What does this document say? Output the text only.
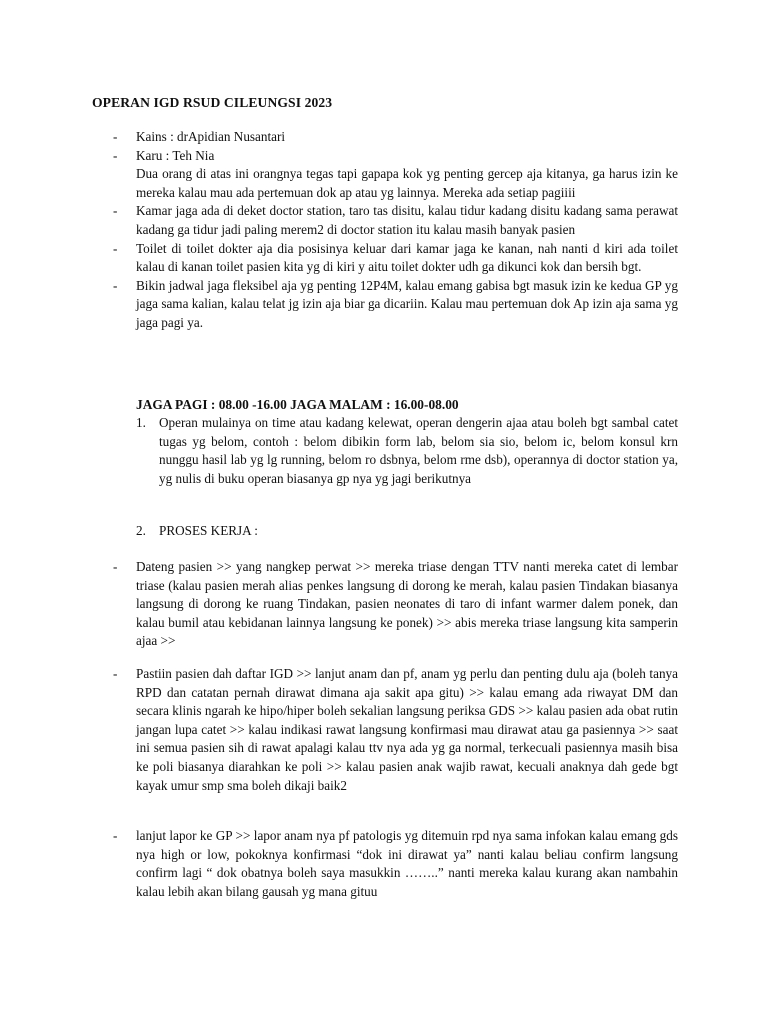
OPERAN IGD RSUD CILEUNGSI 2023
- Kains : drApidian Nusantari
- Karu : Teh Nia
Dua orang di atas ini orangnya tegas tapi gapapa kok yg penting gercep aja kitanya, ga harus izin ke mereka kalau mau ada pertemuan dok ap atau yg lainnya. Mereka ada setiap pagiiii
- Kamar jaga ada di deket doctor station, taro tas disitu, kalau tidur kadang disitu kadang sama perawat kadang ga tidur jadi paling merem2 di doctor station itu kalau masih banyak pasien
- Toilet di toilet dokter aja dia posisinya keluar dari kamar jaga ke kanan, nah nanti d kiri ada toilet kalau di kanan toilet pasien kita yg di kiri y aitu toilet dokter udh ga dikunci kok dan bersih bgt.
- Bikin jadwal jaga fleksibel aja yg penting 12P4M, kalau emang gabisa bgt masuk izin ke kedua GP yg jaga sama kalian, kalau telat jg izin aja biar ga dicariin. Kalau mau pertemuan dok Ap izin aja sama yg jaga pagi ya.
JAGA PAGI : 08.00 -16.00 JAGA MALAM : 16.00-08.00
1. Operan mulainya on time atau kadang kelewat, operan dengerin ajaa atau boleh bgt sambal catet tugas yg belom, contoh : belom dibikin form lab, belom sia sio, belom ic, belom konsul krn nunggu hasil lab yg lg running, belom ro dsbnya, belom rme dsb), operannya di doctor station ya, yg nulis di buku operan biasanya gp nya yg jagi berikutnya
2. PROSES KERJA :
- Dateng pasien >> yang nangkep perwat >> mereka triase dengan TTV nanti mereka catet di lembar triase (kalau pasien merah alias penkes langsung di dorong ke merah, kalau pasien Tindakan biasanya langsung di dorong ke ruang Tindakan, pasien neonates di taro di infant warmer dalem ponek, dan kalau bumil atau kebidanan lainnya langsung ke ponek) >> abis mereka triase langsung kita samperin ajaa >>
- Pastiin pasien dah daftar IGD >> lanjut anam dan pf, anam yg perlu dan penting dulu aja (boleh tanya RPD dan catatan pernah dirawat dimana aja sakit apa gitu) >> kalau emang ada riwayat DM dan secara klinis ngarah ke hipo/hiper boleh sekalian langsung periksa GDS >> kalau pasien ada obat rutin jangan lupa catet >> kalau indikasi rawat langsung konfirmasi mau dirawat atau ga pasiennya >> saat ini semua pasien sih di rawat apalagi kalau ttv nya ada yg ga normal, terkecuali pasiennya masih bisa ke poli biasanya diarahkan ke poli >> kalau pasien anak wajib rawat, kecuali anaknya dah gede bgt kayak umur smp sma boleh dikaji baik2
- lanjut lapor ke GP >> lapor anam nya pf patologis yg ditemuin rpd nya sama infokan kalau emang gds nya high or low, pokoknya konfirmasi “dok ini dirawat ya” nanti kalau beliau confirm langsung confirm lagi “ dok obatnya boleh saya masukkin ……..” nanti mereka kalau kurang akan nambahin kalau lebih akan bilang gausah yg mana gituu
